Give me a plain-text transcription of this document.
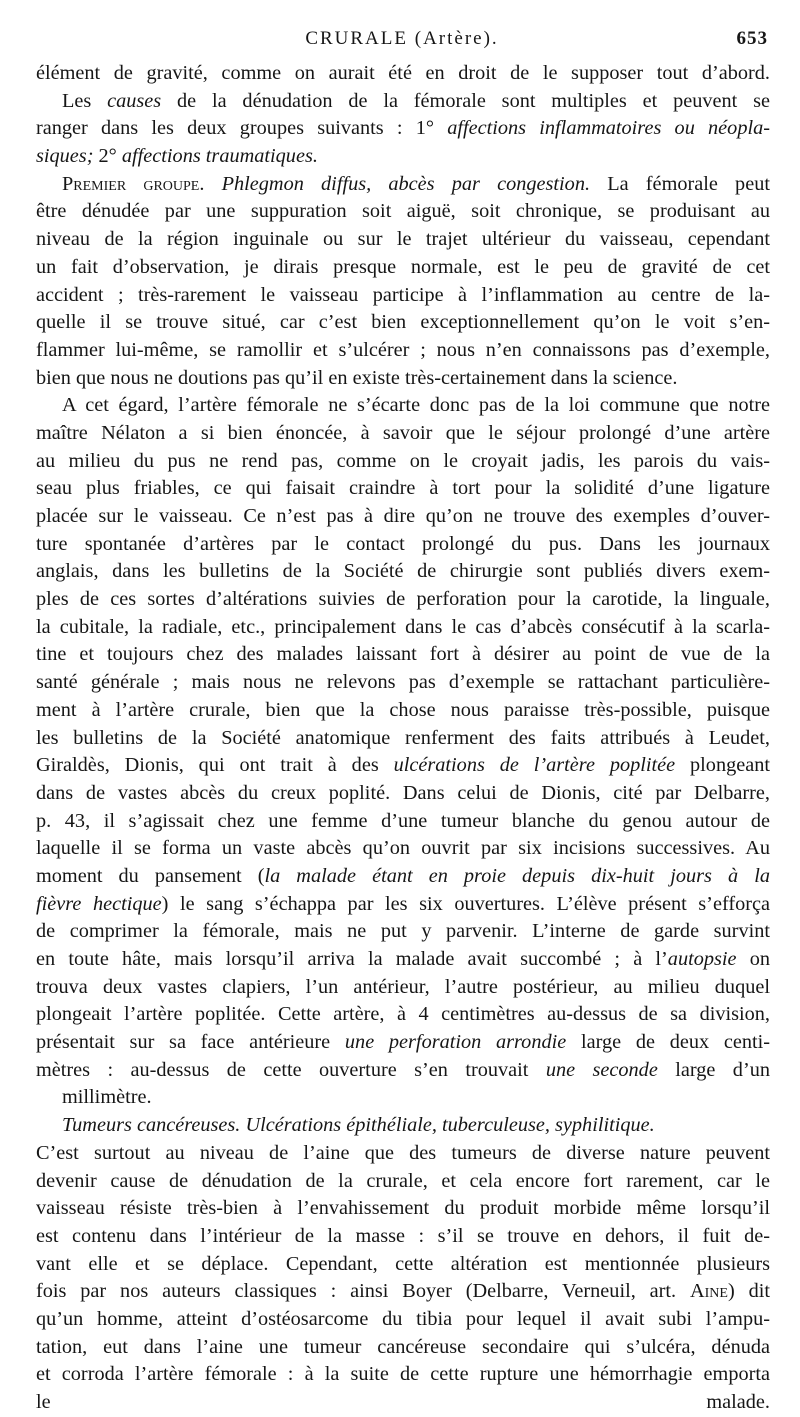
CRURALE (Artère).	653
élément de gravité, comme on aurait été en droit de le supposer tout d’abord.
Les causes de la dénudation de la fémorale sont multiples et peuvent se
ranger dans les deux groupes suivants : 1° affections inflammatoires ou néopla-
siques; 2° affections traumatiques.
Premier groupe. Phlegmon diffus, abcès par congestion. La fémorale peut
être dénudée par une suppuration soit aiguë, soit chronique, se produisant au
niveau de la région inguinale ou sur le trajet ultérieur du vaisseau, cependant
un fait d’observation, je dirais presque normale, est le peu de gravité de cet
accident ; très-rarement le vaisseau participe à l’inflammation au centre de la-
quelle il se trouve situé, car c’est bien exceptionnellement qu’on le voit s’en-
flammer lui-même, se ramollir et s’ulcérer ; nous n’en connaissons pas d’exemple,
bien que nous ne doutions pas qu’il en existe très-certainement dans la science.
A cet égard, l’artère fémorale ne s’écarte donc pas de la loi commune que notre
maître Nélaton a si bien énoncée, à savoir que le séjour prolongé d’une artère
au milieu du pus ne rend pas, comme on le croyait jadis, les parois du vais-
seau plus friables, ce qui faisait craindre à tort pour la solidité d’une ligature
placée sur le vaisseau. Ce n’est pas à dire qu’on ne trouve des exemples d’ouver-
ture spontanée d’artères par le contact prolongé du pus. Dans les journaux
anglais, dans les bulletins de la Société de chirurgie sont publiés divers exem-
ples de ces sortes d’altérations suivies de perforation pour la carotide, la linguale,
la cubitale, la radiale, etc., principalement dans le cas d’abcès consécutif à la scarla-
tine et toujours chez des malades laissant fort à désirer au point de vue de la
santé générale ; mais nous ne relevons pas d’exemple se rattachant particulière-
ment à l’artère crurale, bien que la chose nous paraisse très-possible, puisque
les bulletins de la Société anatomique renferment des faits attribués à Leudet,
Giraldès, Dionis, qui ont trait à des ulcérations de l’artère poplitée plongeant
dans de vastes abcès du creux poplité. Dans celui de Dionis, cité par Delbarre,
p. 43, il s’agissait chez une femme d’une tumeur blanche du genou autour de
laquelle il se forma un vaste abcès qu’on ouvrit par six incisions successives. Au
moment du pansement (la malade étant en proie depuis dix-huit jours à la
fièvre hectique) le sang s’échappa par les six ouvertures. L’élève présent s’efforça
de comprimer la fémorale, mais ne put y parvenir. L’interne de garde survint
en toute hâte, mais lorsqu’il arriva la malade avait succombé ; à l’autopsie on
trouva deux vastes clapiers, l’un antérieur, l’autre postérieur, au milieu duquel
plongeait l’artère poplitée. Cette artère, à 4 centimètres au-dessus de sa division,
présentait sur sa face antérieure une perforation arrondie large de deux centi-
mètres : au-dessus de cette ouverture s’en trouvait une seconde large d’un
millimètre.
Tumeurs cancéreuses. Ulcérations épithéliale, tuberculeuse, syphilitique.
C’est surtout au niveau de l’aine que des tumeurs de diverse nature peuvent
devenir cause de dénudation de la crurale, et cela encore fort rarement, car le
vaisseau résiste très-bien à l’envahissement du produit morbide même lorsqu’il
est contenu dans l’intérieur de la masse : s’il se trouve en dehors, il fuit de-
vant elle et se déplace. Cependant, cette altération est mentionnée plusieurs
fois par nos auteurs classiques : ainsi Boyer (Delbarre, Verneuil, art. Aine) dit
qu’un homme, atteint d’ostéosarcome du tibia pour lequel il avait subi l’ampu-
tation, eut dans l’aine une tumeur cancéreuse secondaire qui s’ulcéra, dénuda
et corroda l’artère fémorale : à la suite de cette rupture une hémorrhagie emporta
le malade.
